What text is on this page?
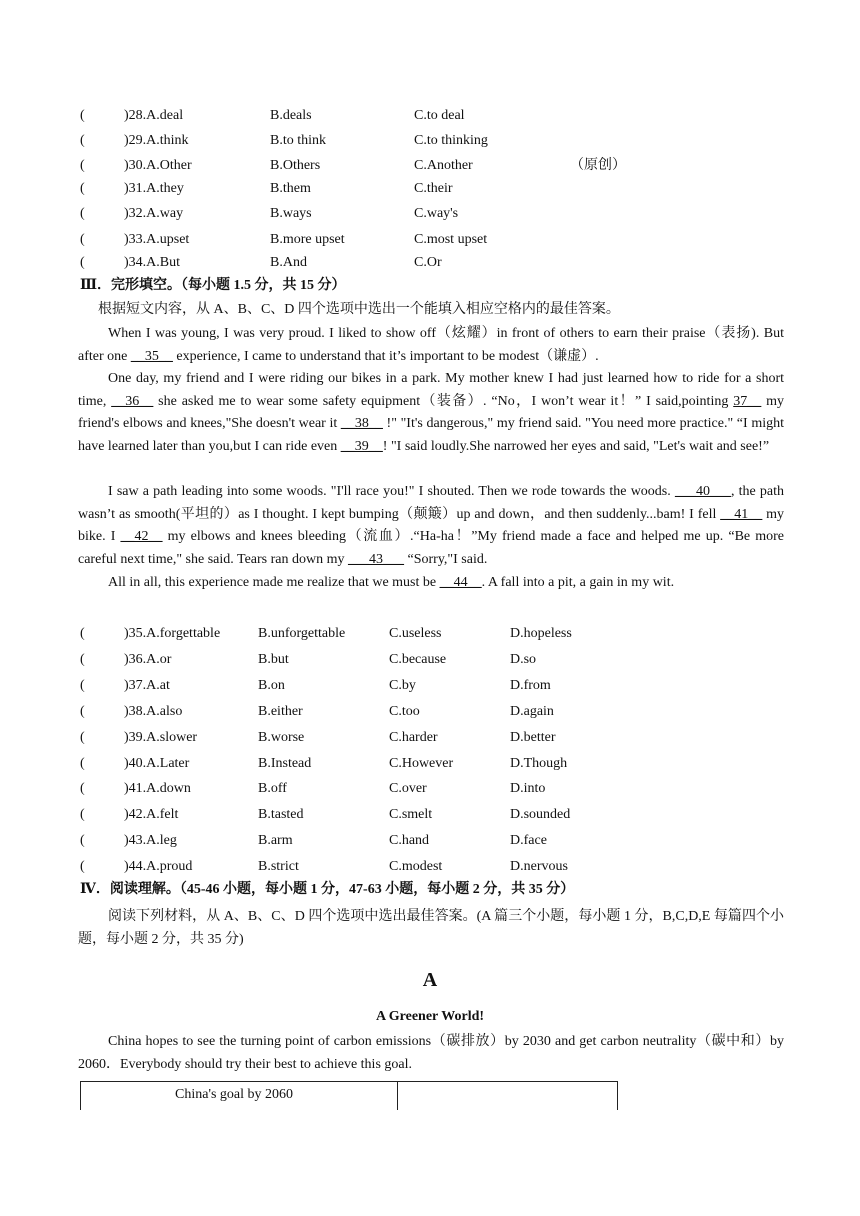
(	)28.A.deal	B.deals	C.to deal
(	)29.A.think	B.to think	C.to thinking
(	)30.A.Other	B.Others	C.Another	（原创）
(	)31.A.they	B.them	C.their
(	)32.A.way	B.ways	C.way's
(	)33.A.upset	B.more upset	C.most upset
(	)34.A.But	B.And	C.Or
Ⅲ．完形填空。（每小题 1.5 分，共 15 分）
根据短文内容，从 A、B、C、D 四个选项中选出一个能填入相应空格内的最佳答案。
When I was young, I was very proud. I liked to show off（炫耀）in front of others to earn their praise（表扬). But after one __35__ experience, I came to understand that it’s important to be modest（谦虚）.
One day, my friend and I were riding our bikes in a park. My mother knew I had just learned how to ride for a short time, __36__ she asked me to wear some safety equipment（装备）. “No，I won’t wear it！” I said,pointing 37__ my friend's elbows and knees,"She doesn't wear it __38__ !" "It's dangerous," my friend said. "You need more practice." “I might have learned later than you,but I can ride even __39__! "I said loudly.She narrowed her eyes and said, "Let's wait and see!”
I saw a path leading into some woods. "I'll race you!" I shouted. Then we rode towards the woods. ___40___, the path wasn’t as smooth(平坦的）as I thought. I kept bumping（颠簸）up and down，and then suddenly...bam! I fell __41__ my bike. I __42__ my elbows and knees bleeding（流血）.“Ha-ha！”My friend made a face and helped me up. “Be more careful next time," she said. Tears ran down my ___43___ “Sorry,"I said.
All in all, this experience made me realize that we must be __44__. A fall into a pit, a gain in my wit.
(	)35.A.forgettable	B.unforgettable	C.useless	D.hopeless
(	)36.A.or	B.but	C.because	D.so
(	)37.A.at	B.on	C.by	D.from
(	)38.A.also	B.either	C.too	D.again
(	)39.A.slower	B.worse	C.harder	D.better
(	)40.A.Later	B.Instead	C.However	D.Though
(	)41.A.down	B.off	C.over	D.into
(	)42.A.felt	B.tasted	C.smelt	D.sounded
(	)43.A.leg	B.arm	C.hand	D.face
(	)44.A.proud	B.strict	C.modest	D.nervous
Ⅳ．阅读理解。（45-46 小题，每小题 1 分，47-63 小题，每小题 2 分，共 35 分）
阅读下列材料，从 A、B、C、D 四个选项中选出最佳答案。(A 篇三个小题，每小题 1 分，B,C,D,E 每篇四个小题，每小题 2 分，共 35 分)
A
A Greener World!
China hopes to see the turning point of carbon emissions（碳排放）by 2030 and get carbon neutrality（碳中和）by 2060．Everybody should try their best to achieve this goal.
China's goal by 2060
